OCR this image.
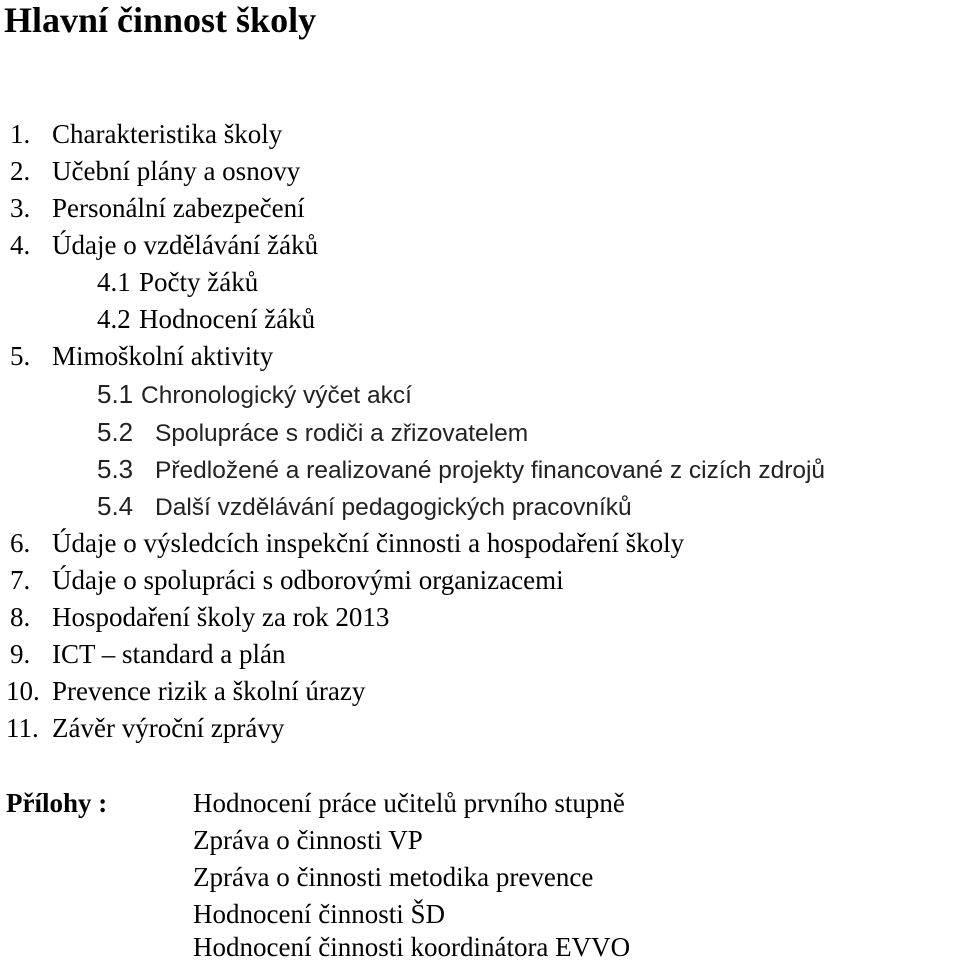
Hlavní činnost školy
1. Charakteristika školy
2. Učební plány a osnovy
3. Personální zabezpečení
4. Údaje o vzdělávání žáků
4.1 Počty žáků
4.2 Hodnocení žáků
5. Mimoškolní aktivity
5.1 Chronologický výčet akcí
5.2 Spolupráce s rodiči a zřizovatelem
5.3 Předložené a realizované projekty financované z cizích zdrojů
5.4 Další vzdělávání pedagogických pracovníků
6. Údaje o výsledcích inspekční činnosti a hospodaření školy
7. Údaje o spolupráci s odborovými organizacemi
8. Hospodaření školy za rok 2013
9. ICT – standard a plán
10. Prevence rizik a školní úrazy
11. Závěr výroční zprávy
Přílohy :	Hodnocení práce učitelů prvního stupně
Zpráva o činnosti VP
Zpráva o činnosti metodika prevence
Hodnocení činnosti ŠD
Hodnocení činnosti koordinátora EVVO
